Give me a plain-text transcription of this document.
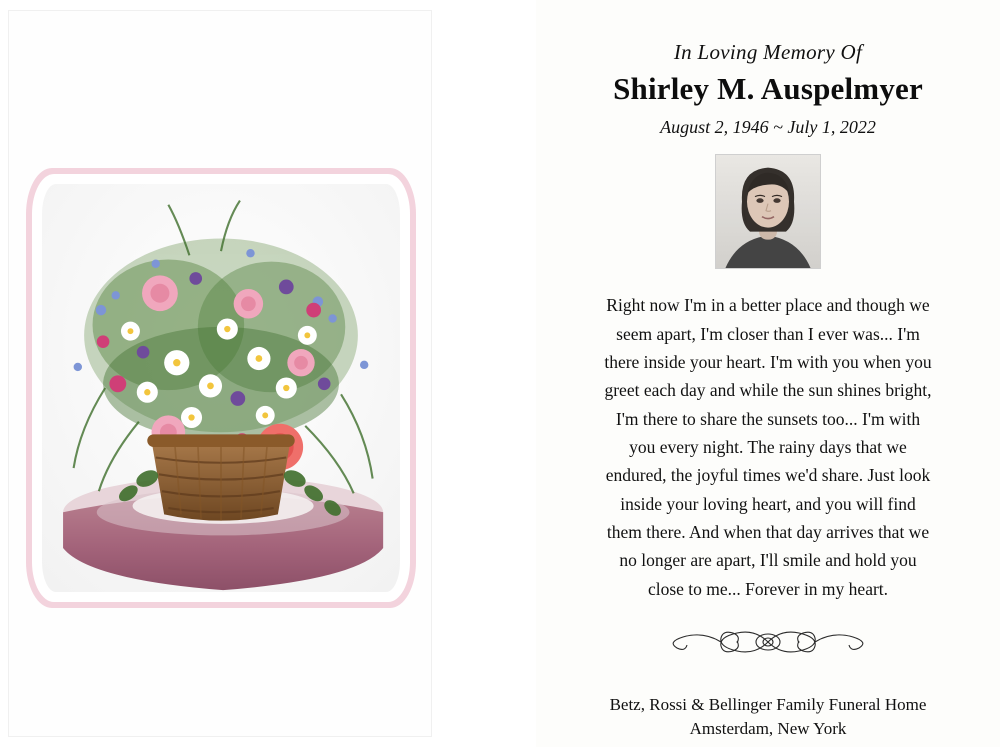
In Loving Memory Of
Shirley M. Auspelmyer
August 2, 1946 ~ July 1, 2022

Right now I'm in a better place and though we seem apart, I'm closer than I ever was... I'm there inside your heart. I'm with you when you greet each day and while the sun shines bright, I'm there to share the sunsets too... I'm with you every night. The rainy days that we endured, the joyful times we'd share. Just look inside your loving heart, and you will find them there. And when that day arrives that we no longer are apart, I'll smile and hold you close to me... Forever in my heart.

Betz, Rossi & Bellinger Family Funeral Home
Amsterdam, New York
